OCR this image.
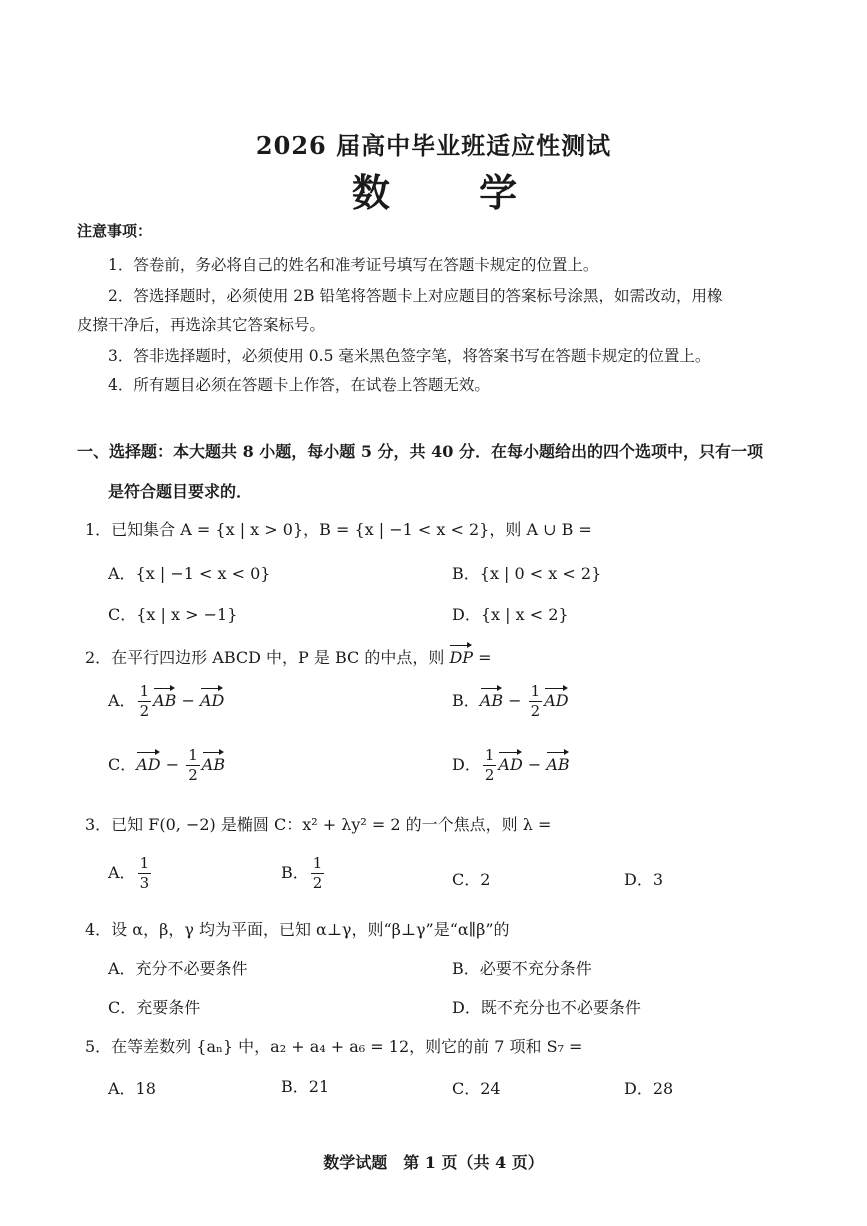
2026 届高中毕业班适应性测试
数 学
注意事项：
1．答卷前，务必将自己的姓名和准考证号填写在答题卡规定的位置上。
2．答选择题时，必须使用 2B 铅笔将答题卡上对应题目的答案标号涂黑，如需改动，用橡
皮擦干净后，再选涂其它答案标号。
3．答非选择题时，必须使用 0.5 毫米黑色签字笔，将答案书写在答题卡规定的位置上。
4．所有题目必须在答题卡上作答，在试卷上答题无效。
一、选择题：本大题共 8 小题，每小题 5 分，共 40 分．在每小题给出的四个选项中，只有一项
是符合题目要求的．
1．已知集合 A = {x | x > 0}，B = {x | −1 < x < 2}，则 A ∪ B =
A．{x | −1 < x < 0}	B．{x | 0 < x < 2}
C．{x | x > −1}	D．{x | x < 2}
2．在平行四边形 ABCD 中，P 是 BC 的中点，则 DP =
A． $\frac{1}{2}$ AB − AD	B．AB − $\frac{1}{2}$ AD
C．AD − $\frac{1}{2}$ AB	D． $\frac{1}{2}$ AD − AB
3．已知 F(0, −2) 是椭圆 C：x² + λy² = 2 的一个焦点，则 λ =
A． $\frac{1}{3}$	B． $\frac{1}{2}$	C．2	D．3
4．设 α，β，γ 均为平面，已知 α⊥γ，则“β⊥γ”是“α∥β”的
A．充分不必要条件	B．必要不充分条件
C．充要条件	D．既不充分也不必要条件
5．在等差数列 {aₙ} 中，a₂ + a₄ + a₆ = 12，则它的前 7 项和 S₇ =
A．18	B．21	C．24	D．28
数学试题　第 1 页（共 4 页）
